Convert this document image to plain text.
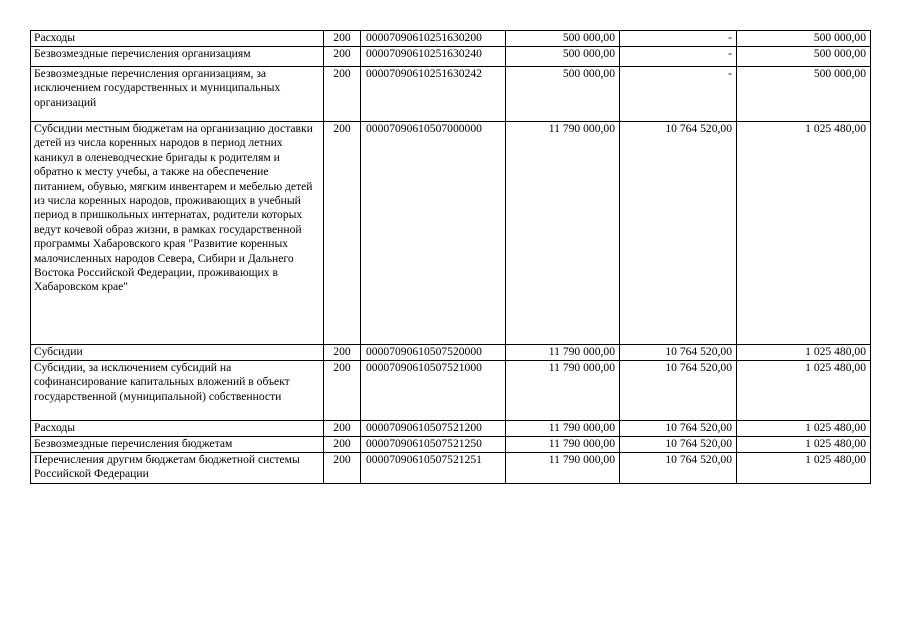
Расходы	200	00007090610251630200	500 000,00	-	500 000,00
Безвозмездные перечисления организациям	200	00007090610251630240	500 000,00	-	500 000,00
Безвозмездные перечисления организациям, за исключением государственных и муниципальных организаций	200	00007090610251630242	500 000,00	-	500 000,00
Субсидии местным бюджетам на организацию доставки детей из числа коренных народов в период летних каникул в оленеводческие бригады к родителям и обратно к месту учебы, а также на обеспечение питанием, обувью, мягким инвентарем и мебелью детей из числа коренных народов, проживающих в учебный период в пришкольных интернатах, родители которых ведут кочевой образ жизни, в рамках государственной программы Хабаровского края "Развитие коренных малочисленных народов Севера, Сибири и Дальнего Востока Российской Федерации, проживающих в Хабаровском крае"	200	00007090610507000000	11 790 000,00	10 764 520,00	1 025 480,00
Субсидии	200	00007090610507520000	11 790 000,00	10 764 520,00	1 025 480,00
Субсидии, за исключением субсидий на софинансирование капитальных вложений в объект государственной (муниципальной) собственности	200	00007090610507521000	11 790 000,00	10 764 520,00	1 025 480,00
Расходы	200	00007090610507521200	11 790 000,00	10 764 520,00	1 025 480,00
Безвозмездные перечисления бюджетам	200	00007090610507521250	11 790 000,00	10 764 520,00	1 025 480,00
Перечисления другим бюджетам бюджетной системы Российской Федерации	200	00007090610507521251	11 790 000,00	10 764 520,00	1 025 480,00
